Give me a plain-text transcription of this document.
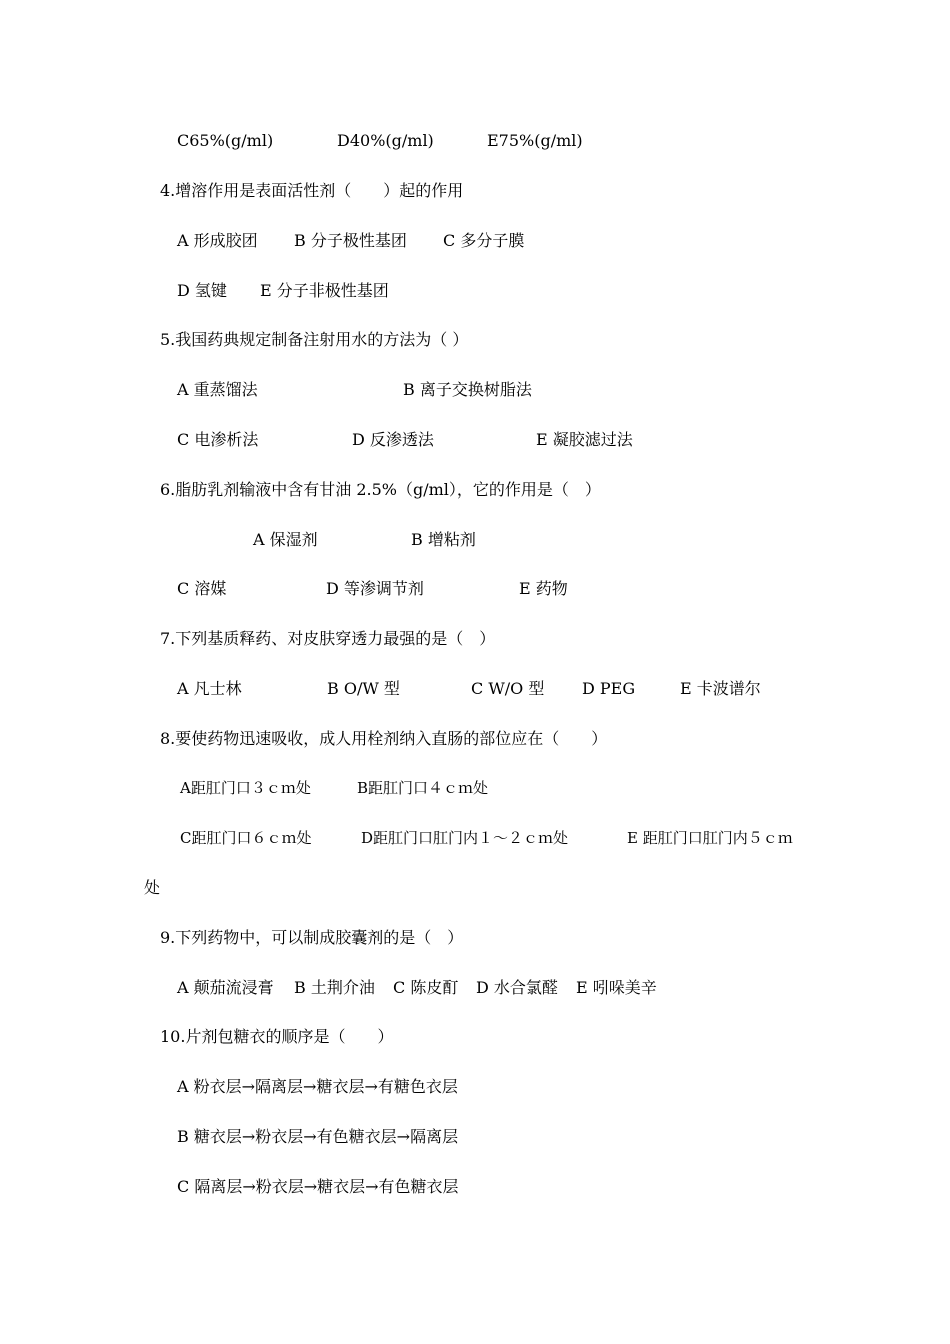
C65%(g/ml)	D40%(g/ml)	E75%(g/ml)
4.增溶作用是表面活性剂（　　）起的作用
A 形成胶团 B 分子极性基团 C 多分子膜
D 氢键 E 分子非极性基团
5.我国药典规定制备注射用水的方法为（ ）
A 重蒸馏法	B 离子交换树脂法
C 电渗析法	D 反渗透法	E 凝胶滤过法
6.脂肪乳剂输液中含有甘油 2.5%（g/ml），它的作用是（　）
A 保湿剂	B 增粘剂
C 溶媒	D 等渗调节剂	E 药物
7.下列基质释药、对皮肤穿透力最强的是（　）
A 凡士林	B O/W 型	C W/O 型 D PEG	E 卡波谱尔
8.要使药物迅速吸收，成人用栓剂纳入直肠的部位应在（　　）
A距肛门口３ｃｍ处	B距肛门口４ｃｍ处
C距肛门口６ｃｍ处	D距肛门口肛门内１～２ｃｍ处	E 距肛门口肛门内５ｃｍ
处
9.下列药物中，可以制成胶囊剂的是（　）
A 颠茄流浸膏 B 土荆介油 C 陈皮酊 D 水合氯醛 E 吲哚美辛
10.片剂包糖衣的顺序是（　　）
A 粉衣层→隔离层→糖衣层→有糖色衣层
B 糖衣层→粉衣层→有色糖衣层→隔离层
C 隔离层→粉衣层→糖衣层→有色糖衣层
